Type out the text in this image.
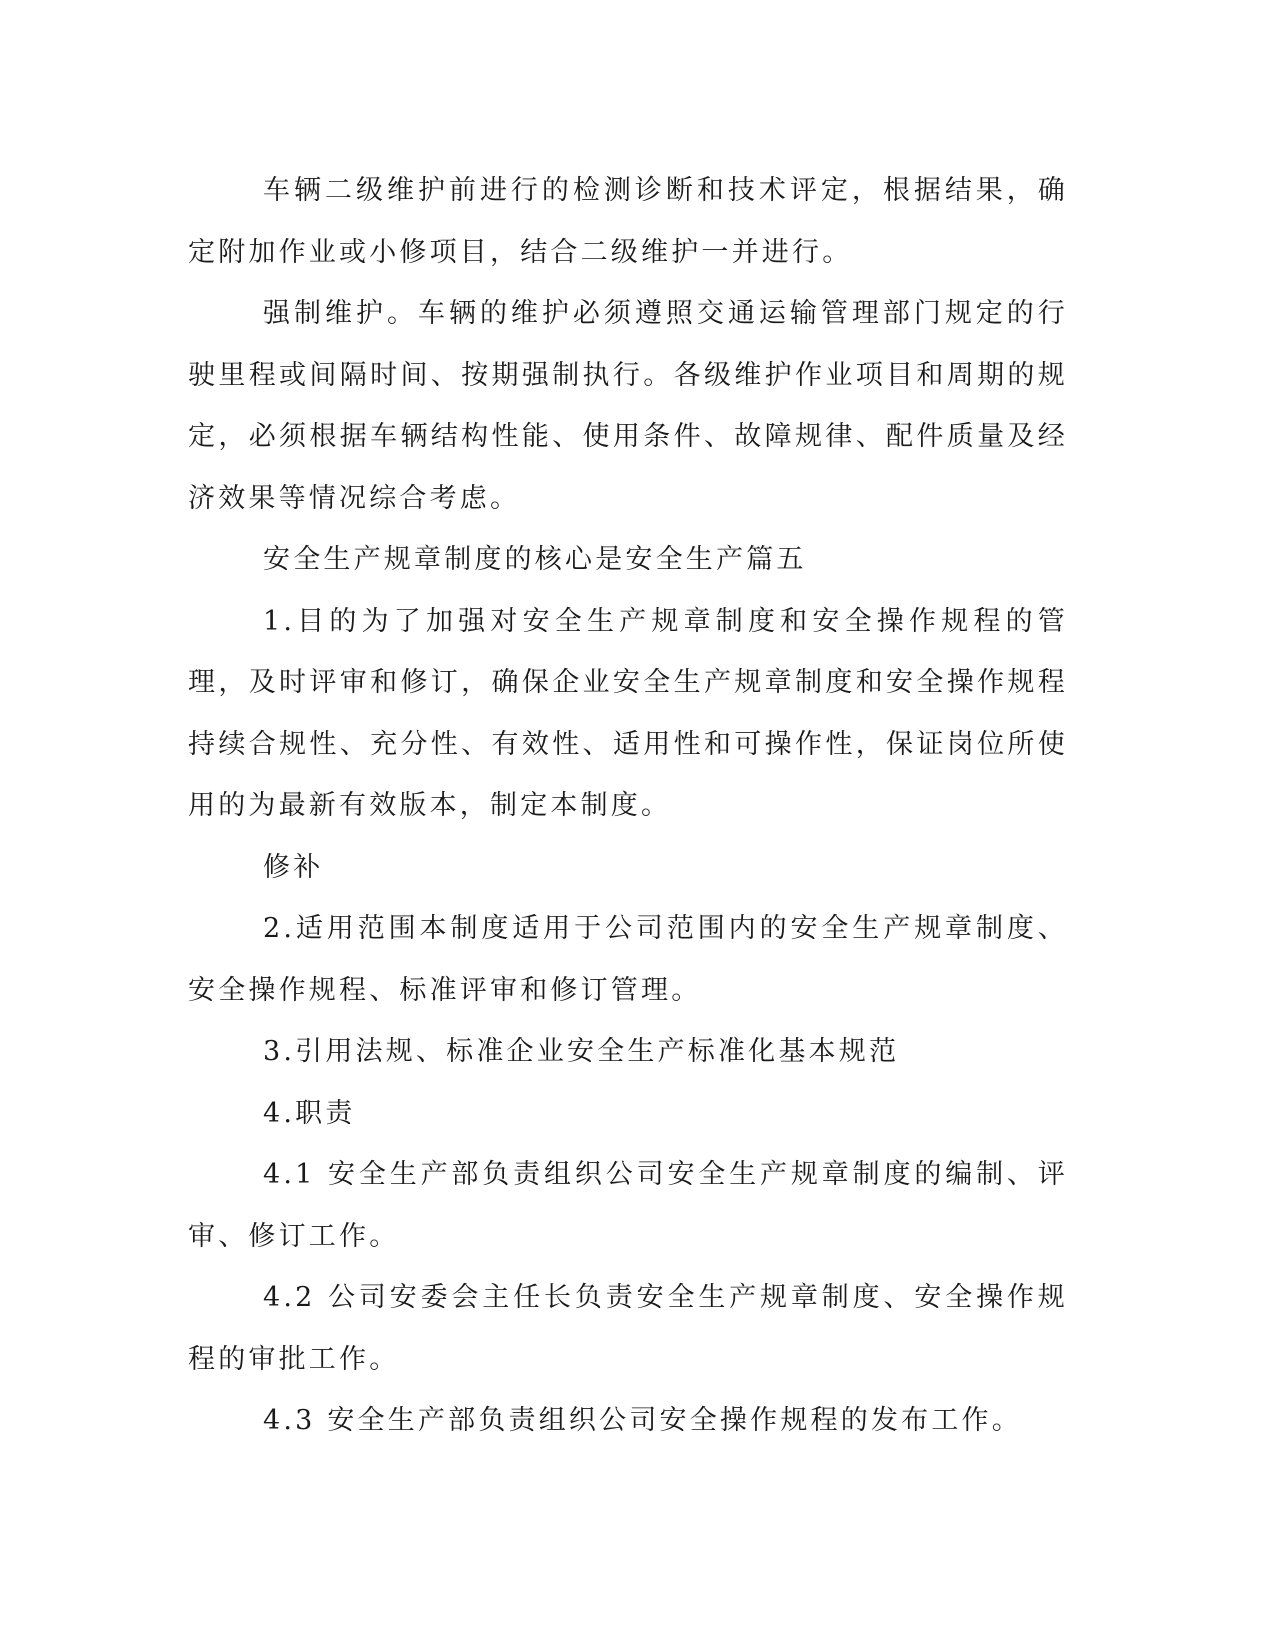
车辆二级维护前进行的检测诊断和技术评定，根据结果，确定附加作业或小修项目，结合二级维护一并进行。

强制维护。车辆的维护必须遵照交通运输管理部门规定的行驶里程或间隔时间、按期强制执行。各级维护作业项目和周期的规定，必须根据车辆结构性能、使用条件、故障规律、配件质量及经济效果等情况综合考虑。

安全生产规章制度的核心是安全生产篇五

1.目的为了加强对安全生产规章制度和安全操作规程的管理，及时评审和修订，确保企业安全生产规章制度和安全操作规程持续合规性、充分性、有效性、适用性和可操作性，保证岗位所使用的为最新有效版本，制定本制度。

修补

2.适用范围本制度适用于公司范围内的安全生产规章制度、安全操作规程、标准评审和修订管理。

3.引用法规、标准企业安全生产标准化基本规范

4.职责

4.1 安全生产部负责组织公司安全生产规章制度的编制、评审、修订工作。

4.2 公司安委会主任长负责安全生产规章制度、安全操作规程的审批工作。

4.3 安全生产部负责组织公司安全操作规程的发布工作。
